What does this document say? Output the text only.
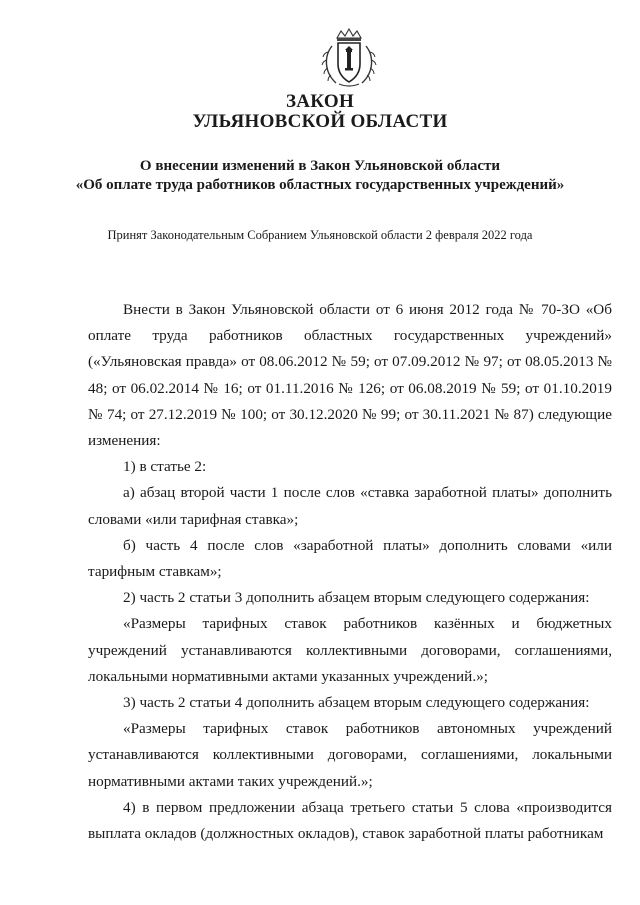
ЗАКОН
УЛЬЯНОВСКОЙ ОБЛАСТИ
О внесении изменений в Закон Ульяновской области
«Об оплате труда работников областных государственных учреждений»
Принят Законодательным Собранием Ульяновской области 2 февраля 2022 года

Внести в Закон Ульяновской области от 6 июня 2012 года № 70-ЗО «Об оплате труда работников областных государственных учреждений» («Ульяновская правда» от 08.06.2012 № 59; от 07.09.2012 № 97; от 08.05.2013 № 48; от 06.02.2014 № 16; от 01.11.2016 № 126; от 06.08.2019 № 59; от 01.10.2019 № 74; от 27.12.2019 № 100; от 30.12.2020 № 99; от 30.11.2021 № 87) следующие изменения:

1) в статье 2:

а) абзац второй части 1 после слов «ставка заработной платы» дополнить словами «или тарифная ставка»;

б) часть 4 после слов «заработной платы» дополнить словами «или тарифным ставкам»;

2) часть 2 статьи 3 дополнить абзацем вторым следующего содержания:

«Размеры тарифных ставок работников казённых и бюджетных учреждений устанавливаются коллективными договорами, соглашениями, локальными нормативными актами указанных учреждений.»;

3) часть 2 статьи 4 дополнить абзацем вторым следующего содержания:

«Размеры тарифных ставок работников автономных учреждений устанавливаются коллективными договорами, соглашениями, локальными нормативными актами таких учреждений.»;

4) в первом предложении абзаца третьего статьи 5 слова «производится выплата окладов (должностных окладов), ставок заработной платы работникам
